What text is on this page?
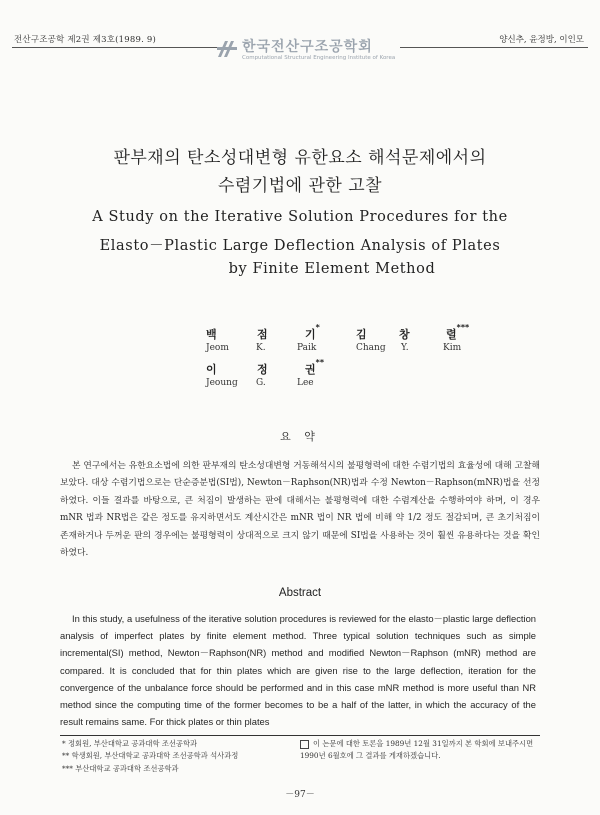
전산구조공학 제2권 제3호(1989. 9)	한국전산구조공학회
Computational Structural Engineering Institute of Korea
양신추, 윤정방, 이인모
판부재의 탄소성대변형 유한요소 해석문제에서의
수렴기법에 관한 고찰
A Study on the Iterative Solution Procedures for the
Elasto－Plastic Large Deflection Analysis of Plates
by Finite Element Method
백	점	기*
Jeom	K.	Paik
김	창	렬***
Chang Y.	Kim
이	정	권**
Jeoung G.	Lee
요 약

본 연구에서는 유한요소법에 의한 판부재의 탄소성대변형 거동해석시의 불평형력에 대한 수렴기법의 효율성에 대해 고찰해 보았다. 대상 수렴기법으로는 단순증분법(SI법), Newton－Raphson(NR)법과 수정 Newton－Raphson(mNR)법을 선정하였다. 이들 결과를 바탕으로, 큰 처짐이 발생하는 판에 대해서는 불평형력에 대한 수렴계산을 수행하여야 하며, 이 경우 mNR 법과 NR법은 같은 정도를 유지하면서도 계산시간은 mNR 법이 NR 법에 비해 약 1/2 정도 절감되며, 큰 초기처짐이 존재하거나 두꺼운 판의 경우에는 불평형력이 상대적으로 크지 않기 때문에 SI법을 사용하는 것이 훨씬 유용하다는 것을 확인하였다.

Abstract

In this study, a usefulness of the iterative solution procedures is reviewed for the elasto－plastic large deflection analysis of imperfect plates by finite element method. Three typical solution techniques such as simple incremental(SI) method, Newton－Raphson(NR) method and modified Newton－Raphson (mNR) method are compared. It is concluded that for thin plates which are given rise to the large deflection, iteration for the convergence of the unbalance force should be performed and in this case mNR method is more useful than NR method since the computing time of the former becomes to be a half of the latter, in which the accuracy of the result remains same. For thick plates or thin plates

* 정회원, 부산대학교 공과대학 조선공학과
** 학생회원, 부산대학교 공과대학 조선공학과 석사과정
*** 부산대학교 공과대학 조선공학과
이 논문에 대한 토론을 1989년 12월 31일까지 본 학회에 보내주시면 1990년 6월호에 그 결과를 게재하겠습니다.
－97－
